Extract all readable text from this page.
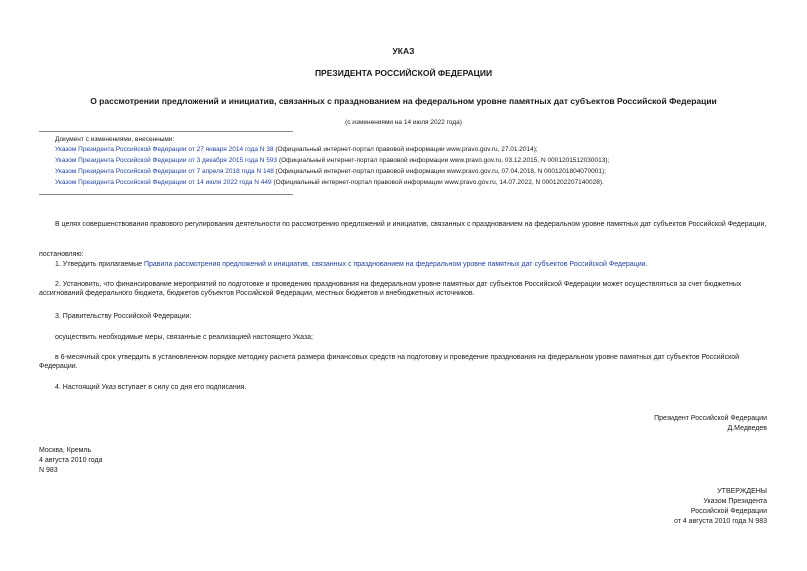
УКАЗ
ПРЕЗИДЕНТА РОССИЙСКОЙ ФЕДЕРАЦИИ
О рассмотрении предложений и инициатив, связанных с празднованием на федеральном уровне памятных дат субъектов Российской Федерации
(с изменениями на 14 июля 2022 года)
Документ с изменениями, внесенными:
Указом Президента Российской Федерации от 27 января 2014 года N 38 (Официальный интернет-портал правовой информации www.pravo.gov.ru, 27.01.2014);
Указом Президента Российской Федерации от 3 декабря 2015 года N 593 (Официальный интернет-портал правовой информации www.pravo.gov.ru, 03.12.2015, N 0001201512030013);
Указом Президента Российской Федерации от 7 апреля 2018 года N 148 (Официальный интернет-портал правовой информации www.pravo.gov.ru, 07.04.2018, N 0001201804070001);
Указом Президента Российской Федерации от 14 июля 2022 года N 449 (Официальный интернет-портал правовой информации www.pravo.gov.ru, 14.07.2022, N 0001202207140028).
В целях совершенствования правового регулирования деятельности по рассмотрению предложений и инициатив, связанных с празднованием на федеральном уровне памятных дат субъектов Российской Федерации,
постановляю:
1. Утвердить прилагаемые Правила рассмотрения предложений и инициатив, связанных с празднованием на федеральном уровне памятных дат субъектов Российской Федерации.
2. Установить, что финансирование мероприятий по подготовке и проведению празднования на федеральном уровне памятных дат субъектов Российской Федерации может осуществляться за счет бюджетных ассигнований федерального бюджета, бюджетов субъектов Российской Федерации, местных бюджетов и внебюджетных источников.
3. Правительству Российской Федерации:
осуществить необходимые меры, связанные с реализацией настоящего Указа;
в 6-месячный срок утвердить в установленном порядке методику расчета размера финансовых средств на подготовку и проведение празднования на федеральном уровне памятных дат субъектов Российской Федерации.
4. Настоящий Указ вступает в силу со дня его подписания.
Президент Российской Федерации
Д.Медведев
Москва, Кремль
4 августа 2010 года
N 983
УТВЕРЖДЕНЫ
Указом Президента
Российской Федерации
от 4 августа 2010 года N 983
